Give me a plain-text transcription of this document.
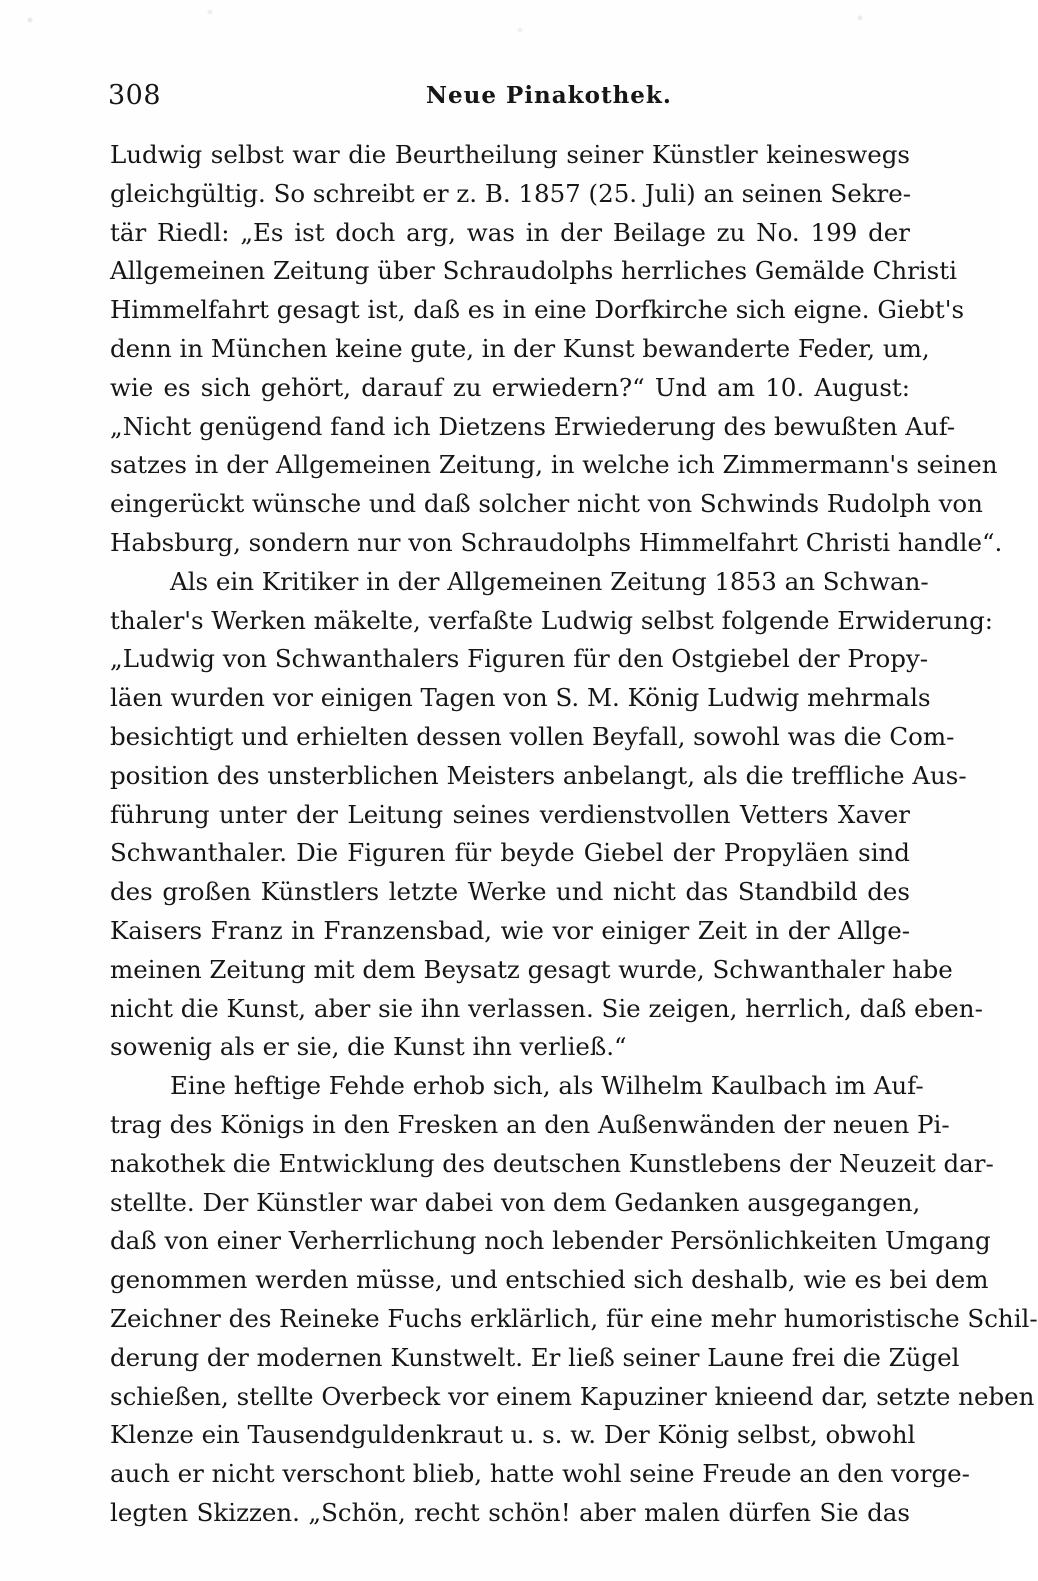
308	Neue Pinakothek.
Ludwig selbst war die Beurtheilung seiner Künstler keineswegs
gleichgültig. So schreibt er z. B. 1857 (25. Juli) an seinen Sekre-
tär Riedl: „Es ist doch arg, was in der Beilage zu No. 199 der
Allgemeinen Zeitung über Schraudolphs herrliches Gemälde Christi
Himmelfahrt gesagt ist, daß es in eine Dorfkirche sich eigne. Giebt's
denn in München keine gute, in der Kunst bewanderte Feder, um,
wie es sich gehört, darauf zu erwiedern?“ Und am 10. August:
„Nicht genügend fand ich Dietzens Erwiederung des bewußten Auf-
satzes in der Allgemeinen Zeitung, in welche ich Zimmermann's seinen
eingerückt wünsche und daß solcher nicht von Schwinds Rudolph von
Habsburg, sondern nur von Schraudolphs Himmelfahrt Christi handle“.
Als ein Kritiker in der Allgemeinen Zeitung 1853 an Schwan-
thaler's Werken mäkelte, verfaßte Ludwig selbst folgende Erwiderung:
„Ludwig von Schwanthalers Figuren für den Ostgiebel der Propy-
läen wurden vor einigen Tagen von S. M. König Ludwig mehrmals
besichtigt und erhielten dessen vollen Beyfall, sowohl was die Com-
position des unsterblichen Meisters anbelangt, als die treffliche Aus-
führung unter der Leitung seines verdienstvollen Vetters Xaver
Schwanthaler. Die Figuren für beyde Giebel der Propyläen sind
des großen Künstlers letzte Werke und nicht das Standbild des
Kaisers Franz in Franzensbad, wie vor einiger Zeit in der Allge-
meinen Zeitung mit dem Beysatz gesagt wurde, Schwanthaler habe
nicht die Kunst, aber sie ihn verlassen. Sie zeigen, herrlich, daß eben-
sowenig als er sie, die Kunst ihn verließ.“
Eine heftige Fehde erhob sich, als Wilhelm Kaulbach im Auf-
trag des Königs in den Fresken an den Außenwänden der neuen Pi-
nakothek die Entwicklung des deutschen Kunstlebens der Neuzeit dar-
stellte. Der Künstler war dabei von dem Gedanken ausgegangen,
daß von einer Verherrlichung noch lebender Persönlichkeiten Umgang
genommen werden müsse, und entschied sich deshalb, wie es bei dem
Zeichner des Reineke Fuchs erklärlich, für eine mehr humoristische Schil-
derung der modernen Kunstwelt. Er ließ seiner Laune frei die Zügel
schießen, stellte Overbeck vor einem Kapuziner knieend dar, setzte neben
Klenze ein Tausendguldenkraut u. s. w. Der König selbst, obwohl
auch er nicht verschont blieb, hatte wohl seine Freude an den vorge-
legten Skizzen. „Schön, recht schön! aber malen dürfen Sie das
